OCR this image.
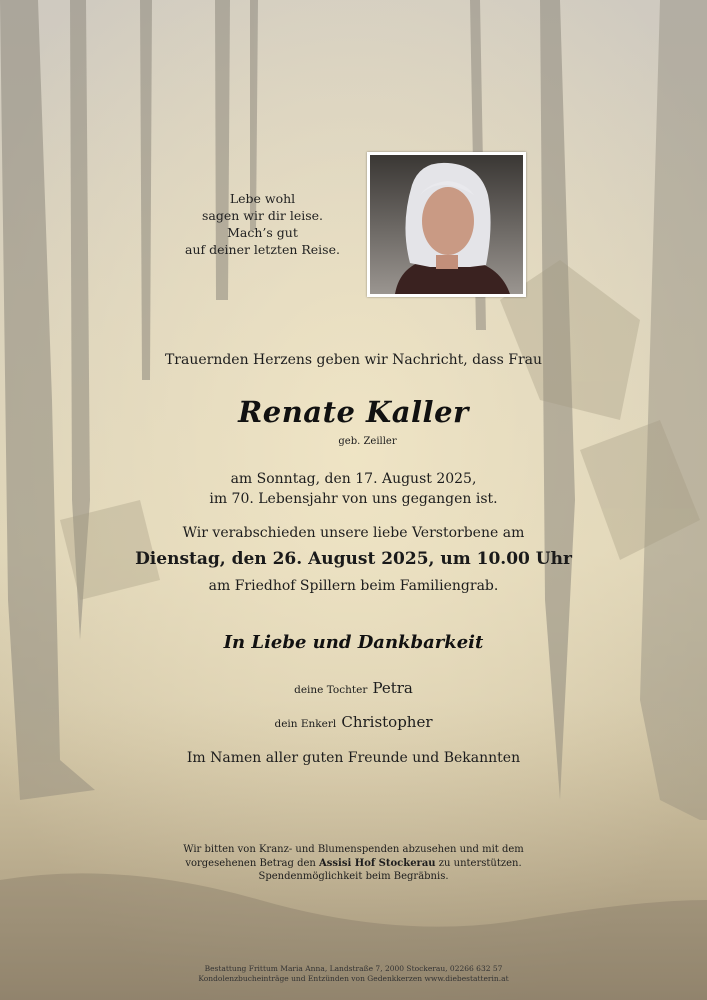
Lebe wohl
sagen wir dir leise.
Mach’s gut
auf deiner letzten Reise.
Trauernden Herzens geben wir Nachricht, dass Frau
Renate Kaller
geb. Zeiller
am Sonntag, den 17. August 2025,
im 70. Lebensjahr von uns gegangen ist.
Wir verabschieden unsere liebe Verstorbene am
Dienstag, den 26. August 2025, um 10.00 Uhr
am Friedhof Spillern beim Familiengrab.
In Liebe und Dankbarkeit
deine Tochter Petra
dein Enkerl Christopher
Im Namen aller guten Freunde und Bekannten
Wir bitten von Kranz- und Blumenspenden abzusehen und mit dem
vorgesehenen Betrag den Assisi Hof Stockerau zu unterstützen.
Spendenmöglichkeit beim Begräbnis.
Bestattung Frittum Maria Anna, Landstraße 7, 2000 Stockerau, 02266 632 57
Kondolenzbucheinträge und Entzünden von Gedenkkerzen www.diebestatterin.at
